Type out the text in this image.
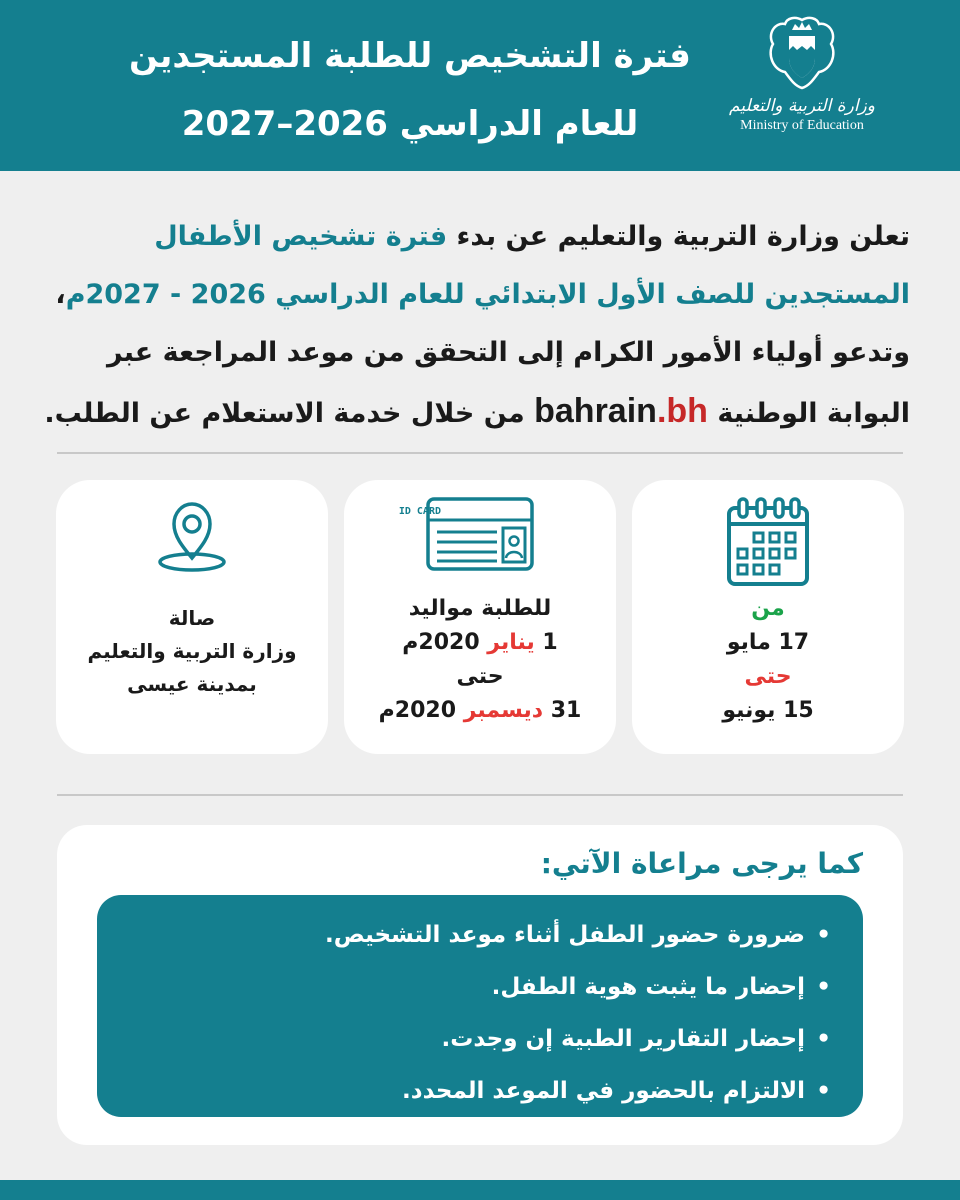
فترة التشخيص للطلبة المستجدين
للعام الدراسي 2026–2027	وزارة التربية والتعليم
Ministry of Education
تعلن وزارة التربية والتعليم عن بدء فترة تشخيص الأطفال المستجدين للصف الأول الابتدائي للعام الدراسي 2026 - 2027م، وتدعو أولياء الأمور الكرام إلى التحقق من موعد المراجعة عبر البوابة الوطنية bahrain.bh من خلال خدمة الاستعلام عن الطلب.
من
17 مايو
حتى
15 يونيو
ID CARD
للطلبة مواليد
1 يناير 2020م
حتى
31 ديسمبر 2020م
صالة
وزارة التربية والتعليم
بمدينة عيسى
كما يرجى مراعاة الآتي:
• ضرورة حضور الطفل أثناء موعد التشخيص.
• إحضار ما يثبت هوية الطفل.
• إحضار التقارير الطبية إن وجدت.
• الالتزام بالحضور في الموعد المحدد.
